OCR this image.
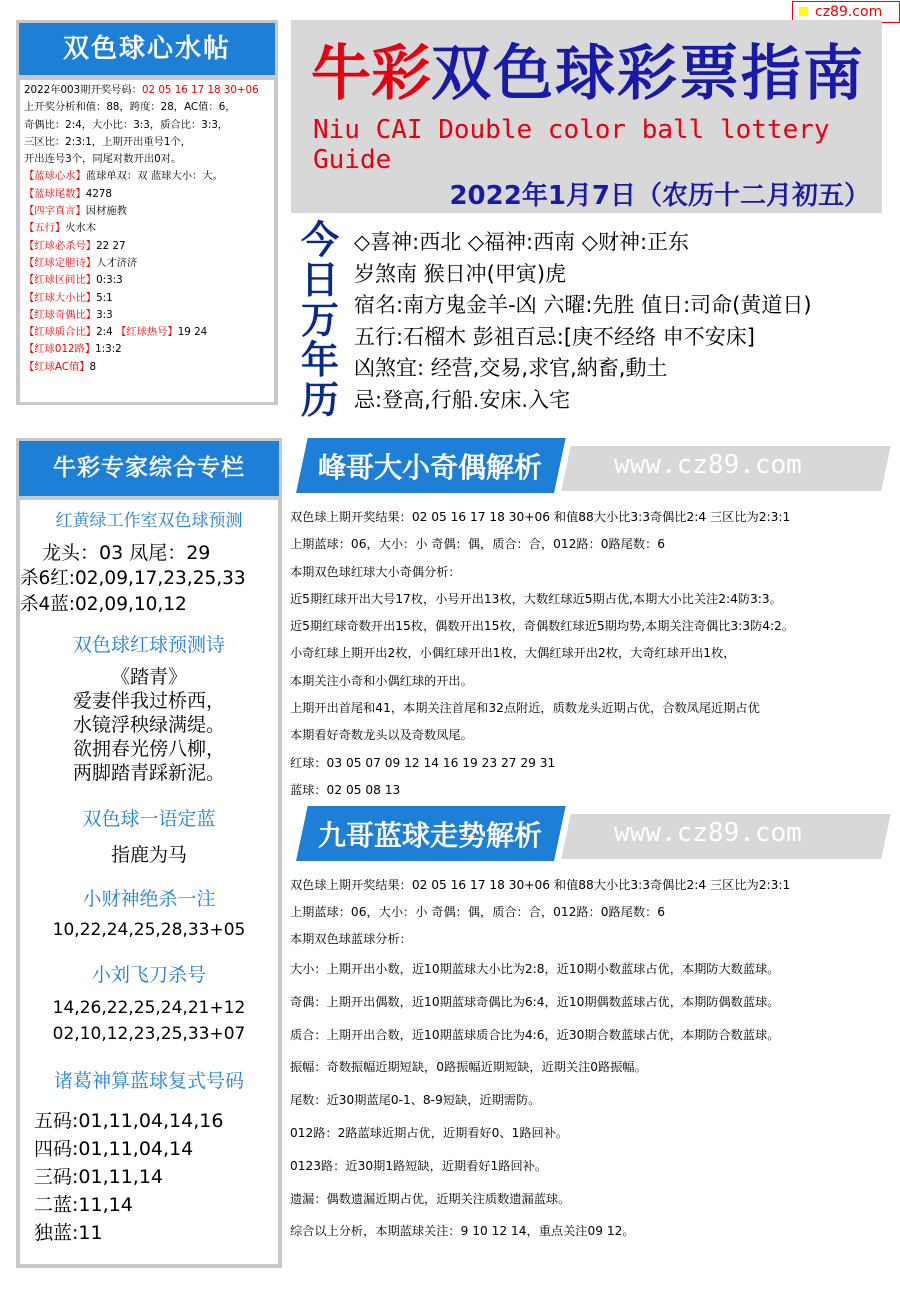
cz89.com
双色球心水帖
2022年003期开奖号码：02 05 16 17 18 30+06
上开奖分析和值：88，跨度：28，AC值：6，
奇偶比：2:4，大小比：3:3，质合比：3:3，
三区比：2:3:1，上期开出重号1个，
开出连号3个，同尾对数开出0对。
【蓝球心水】蓝球单双：双 蓝球大小：大。
【蓝球尾数】4278
【四字真言】因材施教
【五行】火水木
【红球必杀号】22 27
【红球定胆诗】人才济济
【红球区间比】0:3:3
【红球大小比】5:1
【红球奇偶比】3:3
【红球质合比】2:4 【红球热号】19 24
【红球012路】1:3:2
【红球AC值】8
牛彩专家综合专栏
红黄绿工作室双色球预测
龙头：03 凤尾：29
杀6红:02,09,17,23,25,33
杀4蓝:02,09,10,12
双色球红球预测诗
《踏青》
爱妻伴我过桥西，
水镜浮秧绿满缇。
欲拥春光傍八柳，
两脚踏青踩新泥。
双色球一语定蓝
指鹿为马
小财神绝杀一注
10,22,24,25,28,33+05
小刘飞刀杀号
14,26,22,25,24,21+12
02,10,12,23,25,33+07
诸葛神算蓝球复式号码
五码:01,11,04,14,16
四码:01,11,04,14
三码:01,11,14
二蓝:11,14
独蓝:11
牛彩 双色球彩票指南
Niu CAI Double color ball lottery Guide
2022年1月7日（农历十二月初五）
今
日
万
年
历
◇喜神:西北 ◇福神:西南 ◇财神:正东
岁煞南 猴日冲(甲寅)虎
宿名:南方鬼金羊-凶 六曜:先胜 值日:司命(黄道日)
五行:石榴木 彭祖百忌:[庚不经络 申不安床]
凶煞宜: 经营,交易,求官,納畜,動土
忌:登高,行船.安床.入宅
峰哥大小奇偶解析	www.cz89.com
双色球上期开奖结果：02 05 16 17 18 30+06 和值88大小比3:3奇偶比2:4 三区比为2:3:1
上期蓝球：06，大小：小 奇偶：偶，质合：合，012路：0路尾数：6
本期双色球红球大小奇偶分析：
近5期红球开出大号17枚，小号开出13枚，大数红球近5期占优,本期大小比关注2:4防3:3。
近5期红球奇数开出15枚，偶数开出15枚，奇偶数红球近5期均势,本期关注奇偶比3:3防4:2。
小奇红球上期开出2枚，小偶红球开出1枚，大偶红球开出2枚，大奇红球开出1枚，
本期关注小奇和小偶红球的开出。
上期开出首尾和41，本期关注首尾和32点附近，质数龙头近期占优，合数凤尾近期占优
本期看好奇数龙头以及奇数凤尾。
红球：03 05 07 09 12 14 16 19 23 27 29 31
蓝球：02 05 08 13
九哥蓝球走势解析	www.cz89.com
双色球上期开奖结果：02 05 16 17 18 30+06 和值88大小比3:3奇偶比2:4 三区比为2:3:1
上期蓝球：06，大小：小 奇偶：偶，质合：合，012路：0路尾数：6
本期双色球蓝球分析：
大小：上期开出小数，近10期蓝球大小比为2:8，近10期小数蓝球占优，本期防大数蓝球。
奇偶：上期开出偶数，近10期蓝球奇偶比为6:4，近10期偶数蓝球占优，本期防偶数蓝球。
质合：上期开出合数，近10期蓝球质合比为4:6，近30期合数蓝球占优，本期防合数蓝球。
振幅：奇数振幅近期短缺，0路振幅近期短缺，近期关注0路振幅。
尾数：近30期蓝尾0-1、8-9短缺，近期需防。
012路：2路蓝球近期占优，近期看好0、1路回补。
0123路：近30期1路短缺，近期看好1路回补。
遗漏：偶数遗漏近期占优，近期关注质数遗漏蓝球。
综合以上分析，本期蓝球关注：9 10 12 14，重点关注09 12。
